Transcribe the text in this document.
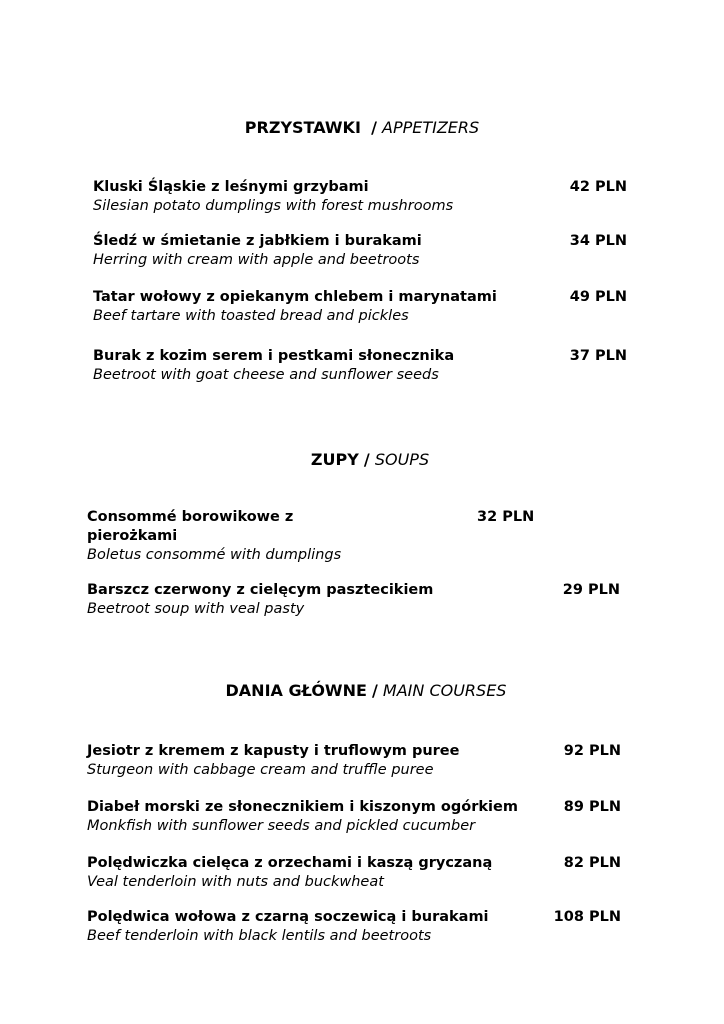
PRZYSTAWKI / APPETIZERS
Kluski Śląskie z leśnymi grzybami
Silesian potato dumplings with forest mushrooms
42 PLN
Śledź w śmietanie z jabłkiem i burakami
Herring with cream with apple and beetroots
34 PLN
Tatar wołowy z opiekanym chlebem i marynatami
Beef tartare with toasted bread and pickles
49 PLN
Burak z kozim serem i pestkami słonecznika
Beetroot with goat cheese and sunflower seeds
37 PLN
ZUPY / SOUPS
Consommé borowikowe z
pierożkami
Boletus consommé with dumplings
32 PLN
Barszcz czerwony z cielęcym pasztecikiem
Beetroot soup with veal pasty
29 PLN
DANIA GŁÓWNE / MAIN COURSES
Jesiotr z kremem z kapusty i truflowym puree
Sturgeon with cabbage cream and truffle puree
92 PLN
Diabeł morski ze słonecznikiem i kiszonym ogórkiem
Monkfish with sunflower seeds and pickled cucumber
89 PLN
Polędwiczka cielęca z orzechami i kaszą gryczaną
Veal tenderloin with nuts and buckwheat
82 PLN
Polędwica wołowa z czarną soczewicą i burakami
Beef tenderloin with black lentils and beetroots
108 PLN
